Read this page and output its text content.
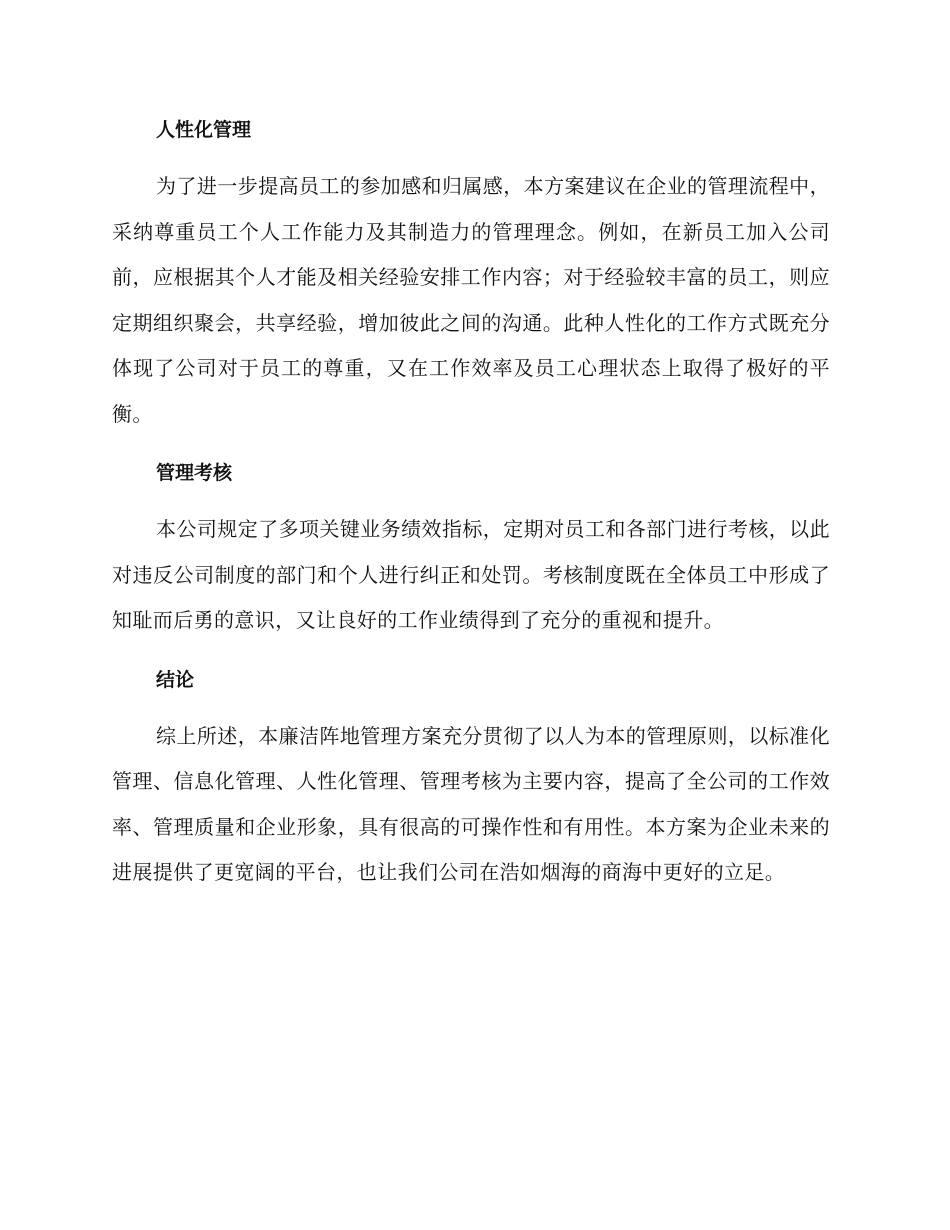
人性化管理

为了进一步提高员工的参加感和归属感，本方案建议在企业的管理流程中，采纳尊重员工个人工作能力及其制造力的管理理念。例如，在新员工加入公司前，应根据其个人才能及相关经验安排工作内容；对于经验较丰富的员工，则应定期组织聚会，共享经验，增加彼此之间的沟通。此种人性化的工作方式既充分体现了公司对于员工的尊重，又在工作效率及员工心理状态上取得了极好的平衡。

管理考核

本公司规定了多项关键业务绩效指标，定期对员工和各部门进行考核，以此对违反公司制度的部门和个人进行纠正和处罚。考核制度既在全体员工中形成了知耻而后勇的意识，又让良好的工作业绩得到了充分的重视和提升。

结论

综上所述，本廉洁阵地管理方案充分贯彻了以人为本的管理原则，以标准化管理、信息化管理、人性化管理、管理考核为主要内容，提高了全公司的工作效率、管理质量和企业形象，具有很高的可操作性和有用性。本方案为企业未来的进展提供了更宽阔的平台，也让我们公司在浩如烟海的商海中更好的立足。
